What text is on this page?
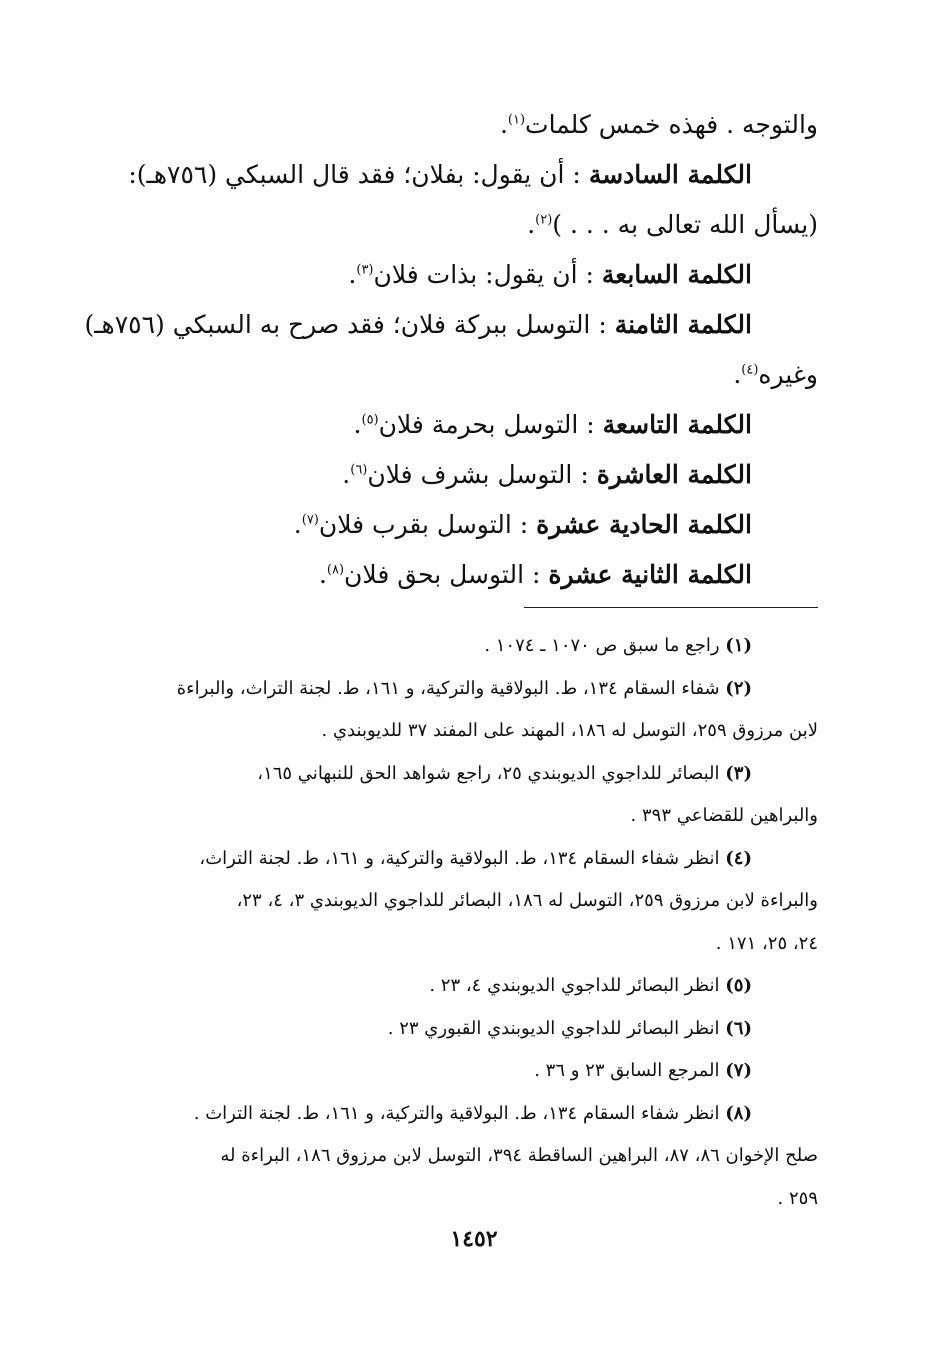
والتوجه . فهذه خمس كلمات$^{(١)}$.
الكلمة السادسة : أن يقول: بفلان؛ فقد قال السبكي (٧٥٦هـ):
(يسأل الله تعالى به . . . )$^{(٢)}$.
الكلمة السابعة : أن يقول: بذات فلان$^{(٣)}$.
الكلمة الثامنة : التوسل ببركة فلان؛ فقد صرح به السبكي (٧٥٦هـ)
وغيره$^{(٤)}$.
الكلمة التاسعة : التوسل بحرمة فلان$^{(٥)}$.
الكلمة العاشرة : التوسل بشرف فلان$^{(٦)}$.
الكلمة الحادية عشرة : التوسل بقرب فلان$^{(٧)}$.
الكلمة الثانية عشرة : التوسل بحق فلان$^{(٨)}$.
(١) راجع ما سبق ص ١٠٧٠ ـ ١٠٧٤ .
(٢) شفاء السقام ١٣٤، ط. البولاقية والتركية، و ١٦١، ط. لجنة التراث، والبراءة
لابن مرزوق ٢٥٩، التوسل له ١٨٦، المهند على المفند ٣٧ للديوبندي .
(٣) البصائر للداجوي الديوبندي ٢٥، راجع شواهد الحق للنبهاني ١٦٥،
والبراهين للقضاعي ٣٩٣ .
(٤) انظر شفاء السقام ١٣٤، ط. البولاقية والتركية، و ١٦١، ط. لجنة التراث،
والبراءة لابن مرزوق ٢٥٩، التوسل له ١٨٦، البصائر للداجوي الديوبندي ٣، ٤، ٢٣،
٢٤، ٢٥، ١٧١ .
(٥) انظر البصائر للداجوي الديوبندي ٤، ٢٣ .
(٦) انظر البصائر للداجوي الديوبندي القبوري ٢٣ .
(٧) المرجع السابق ٢٣ و ٣٦ .
(٨) انظر شفاء السقام ١٣٤، ط. البولاقية والتركية، و ١٦١، ط. لجنة التراث .
صلح الإخوان ٨٦، ٨٧، البراهين الساقطة ٣٩٤، التوسل لابن مرزوق ١٨٦، البراءة له
٢٥٩ .
١٤٥٢
